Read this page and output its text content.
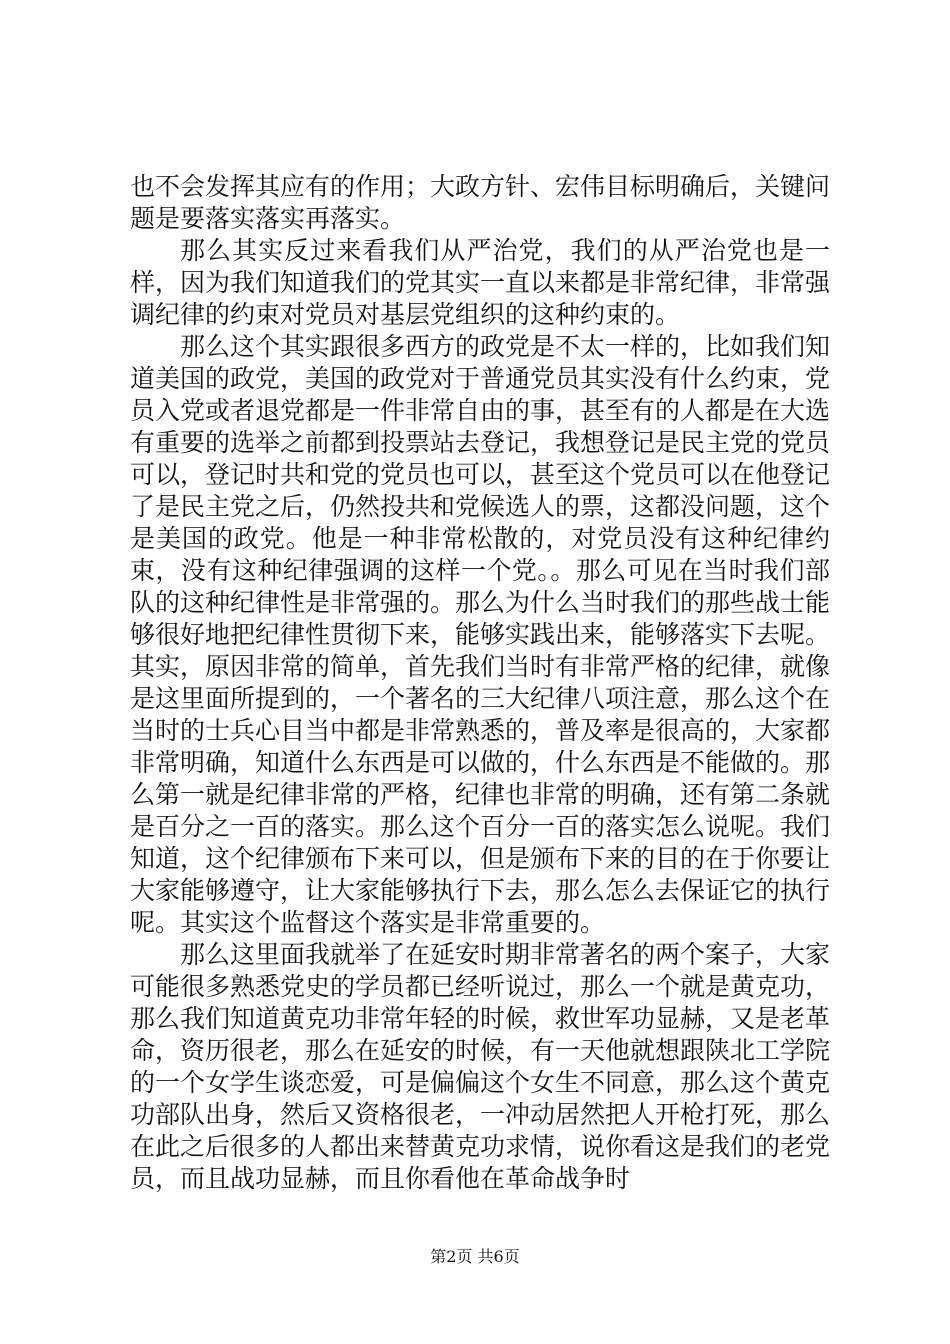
也不会发挥其应有的作用；大政方针、宏伟目标明确后，关键问题是要落实落实再落实。

那么其实反过来看我们从严治党，我们的从严治党也是一样，因为我们知道我们的党其实一直以来都是非常纪律，非常强调纪律的约束对党员对基层党组织的这种约束的。

那么这个其实跟很多西方的政党是不太一样的，比如我们知道美国的政党，美国的政党对于普通党员其实没有什么约束，党员入党或者退党都是一件非常自由的事，甚至有的人都是在大选有重要的选举之前都到投票站去登记，我想登记是民主党的党员可以，登记时共和党的党员也可以，甚至这个党员可以在他登记了是民主党之后，仍然投共和党候选人的票，这都没问题，这个是美国的政党。他是一种非常松散的，对党员没有这种纪律约束，没有这种纪律强调的这样一个党。。那么可见在当时我们部队的这种纪律性是非常强的。那么为什么当时我们的那些战士能够很好地把纪律性贯彻下来，能够实践出来，能够落实下去呢。其实，原因非常的简单，首先我们当时有非常严格的纪律，就像是这里面所提到的，一个著名的三大纪律八项注意，那么这个在当时的士兵心目当中都是非常熟悉的，普及率是很高的，大家都非常明确，知道什么东西是可以做的，什么东西是不能做的。那么第一就是纪律非常的严格，纪律也非常的明确，还有第二条就是百分之一百的落实。那么这个百分一百的落实怎么说呢。我们知道，这个纪律颁布下来可以，但是颁布下来的目的在于你要让大家能够遵守，让大家能够执行下去，那么怎么去保证它的执行呢。其实这个监督这个落实是非常重要的。

那么这里面我就举了在延安时期非常著名的两个案子，大家可能很多熟悉党史的学员都已经听说过，那么一个就是黄克功，那么我们知道黄克功非常年轻的时候，救世军功显赫，又是老革命，资历很老，那么在延安的时候，有一天他就想跟陕北工学院的一个女学生谈恋爱，可是偏偏这个女生不同意，那么这个黄克功部队出身，然后又资格很老，一冲动居然把人开枪打死，那么在此之后很多的人都出来替黄克功求情，说你看这是我们的老党员，而且战功显赫，而且你看他在革命战争时

第2页 共6页
